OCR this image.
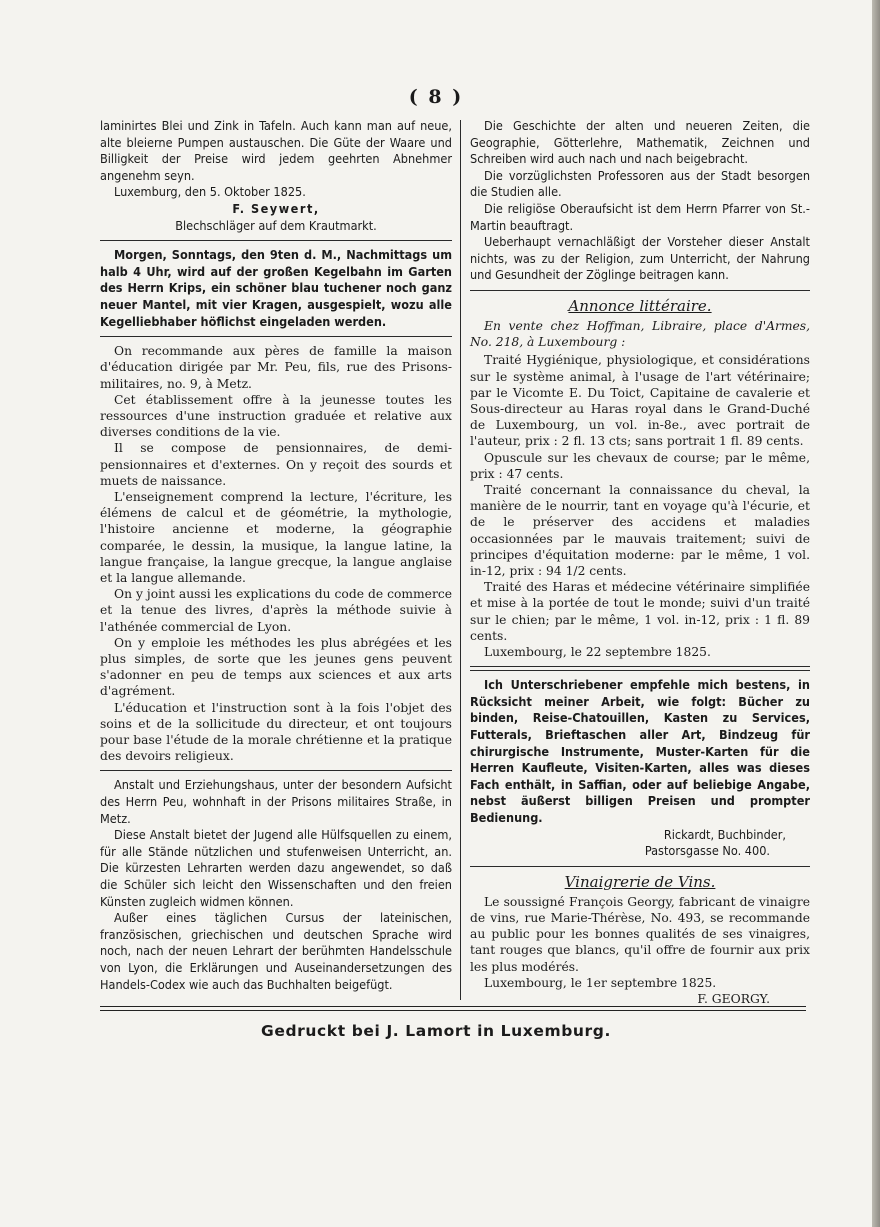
( 8 )

laminirtes Blei und Zink in Tafeln. Auch kann man auf neue, alte bleierne Pumpen austauschen. Die Güte der Waare und Billigkeit der Preise wird jedem geehrten Abnehmer angenehm seyn.

Luxemburg, den 5. Oktober 1825.

F. Seywert,

Blechschläger auf dem Krautmarkt.

Morgen, Sonntags, den 9ten d. M., Nachmittags um halb 4 Uhr, wird auf der großen Kegelbahn im Garten des Herrn Krips, ein schöner blau tuchener noch ganz neuer Mantel, mit vier Kragen, ausgespielt, wozu alle Kegelliebhaber höflichst eingeladen werden.

On recommande aux pères de famille la maison d'éducation dirigée par Mr. Peu, fils, rue des Prisons-militaires, no. 9, à Metz.

Cet établissement offre à la jeunesse toutes les ressources d'une instruction graduée et relative aux diverses conditions de la vie.

Il se compose de pensionnaires, de demi-pensionnaires et d'externes. On y reçoit des sourds et muets de naissance.

L'enseignement comprend la lecture, l'écriture, les élémens de calcul et de géométrie, la mythologie, l'histoire ancienne et moderne, la géographie comparée, le dessin, la musique, la langue latine, la langue française, la langue grecque, la langue anglaise et la langue allemande.

On y joint aussi les explications du code de commerce et la tenue des livres, d'après la méthode suivie à l'athénée commercial de Lyon.

On y emploie les méthodes les plus abrégées et les plus simples, de sorte que les jeunes gens peuvent s'adonner en peu de temps aux sciences et aux arts d'agrément.

L'éducation et l'instruction sont à la fois l'objet des soins et de la sollicitude du directeur, et ont toujours pour base l'étude de la morale chrétienne et la pratique des devoirs religieux.

Anstalt und Erziehungshaus, unter der besondern Aufsicht des Herrn Peu, wohnhaft in der Prisons militaires Straße, in Metz.

Diese Anstalt bietet der Jugend alle Hülfsquellen zu einem, für alle Stände nützlichen und stufenweisen Unterricht, an. Die kürzesten Lehrarten werden dazu angewendet, so daß die Schüler sich leicht den Wissenschaften und den freien Künsten zugleich widmen können.

Außer eines täglichen Cursus der lateinischen, französischen, griechischen und deutschen Sprache wird noch, nach der neuen Lehrart der berühmten Handelsschule von Lyon, die Erklärungen und Auseinandersetzungen des Handels-Codex wie auch das Buchhalten beigefügt.

Die Geschichte der alten und neueren Zeiten, die Geographie, Götterlehre, Mathematik, Zeichnen und Schreiben wird auch nach und nach beigebracht.

Die vorzüglichsten Professoren aus der Stadt besorgen die Studien alle.

Die religiöse Oberaufsicht ist dem Herrn Pfarrer von St.-Martin beauftragt.

Ueberhaupt vernachläßigt der Vorsteher dieser Anstalt nichts, was zu der Religion, zum Unterricht, der Nahrung und Gesundheit der Zöglinge beitragen kann.

Annonce littéraire.

En vente chez Hoffman, Libraire, place d'Armes, No. 218, à Luxembourg :

Traité Hygiénique, physiologique, et considérations sur le système animal, à l'usage de l'art vétérinaire; par le Vicomte E. Du Toict, Capitaine de cavalerie et Sous-directeur au Haras royal dans le Grand-Duché de Luxembourg, un vol. in-8e., avec portrait de l'auteur, prix : 2 fl. 13 cts; sans portrait 1 fl. 89 cents.

Opuscule sur les chevaux de course; par le même, prix : 47 cents.

Traité concernant la connaissance du cheval, la manière de le nourrir, tant en voyage qu'à l'écurie, et de le préserver des accidens et maladies occasionnées par le mauvais traitement; suivi de principes d'équitation moderne: par le même, 1 vol. in-12, prix : 94 1/2 cents.

Traité des Haras et médecine vétérinaire simplifiée et mise à la portée de tout le monde; suivi d'un traité sur le chien; par le même, 1 vol. in-12, prix : 1 fl. 89 cents.

Luxembourg, le 22 septembre 1825.

Ich Unterschriebener empfehle mich bestens, in Rücksicht meiner Arbeit, wie folgt: Bücher zu binden, Reise-Chatouillen, Kasten zu Services, Futterals, Brieftaschen aller Art, Bindzeug für chirurgische Instrumente, Muster-Karten für die Herren Kaufleute, Visiten-Karten, alles was dieses Fach enthält, in Saffian, oder auf beliebige Angabe, nebst äußerst billigen Preisen und prompter Bedienung.

Rickardt, Buchbinder,

Pastorsgasse No. 400.

Vinaigrerie de Vins.

Le soussigné François Georgy, fabricant de vinaigre de vins, rue Marie-Thérèse, No. 493, se recommande au public pour les bonnes qualités de ses vinaigres, tant rouges que blancs, qu'il offre de fournir aux prix les plus modérés.

Luxembourg, le 1er septembre 1825.

F. GEORGY.

Gedruckt bei J. Lamort in Luxemburg.
